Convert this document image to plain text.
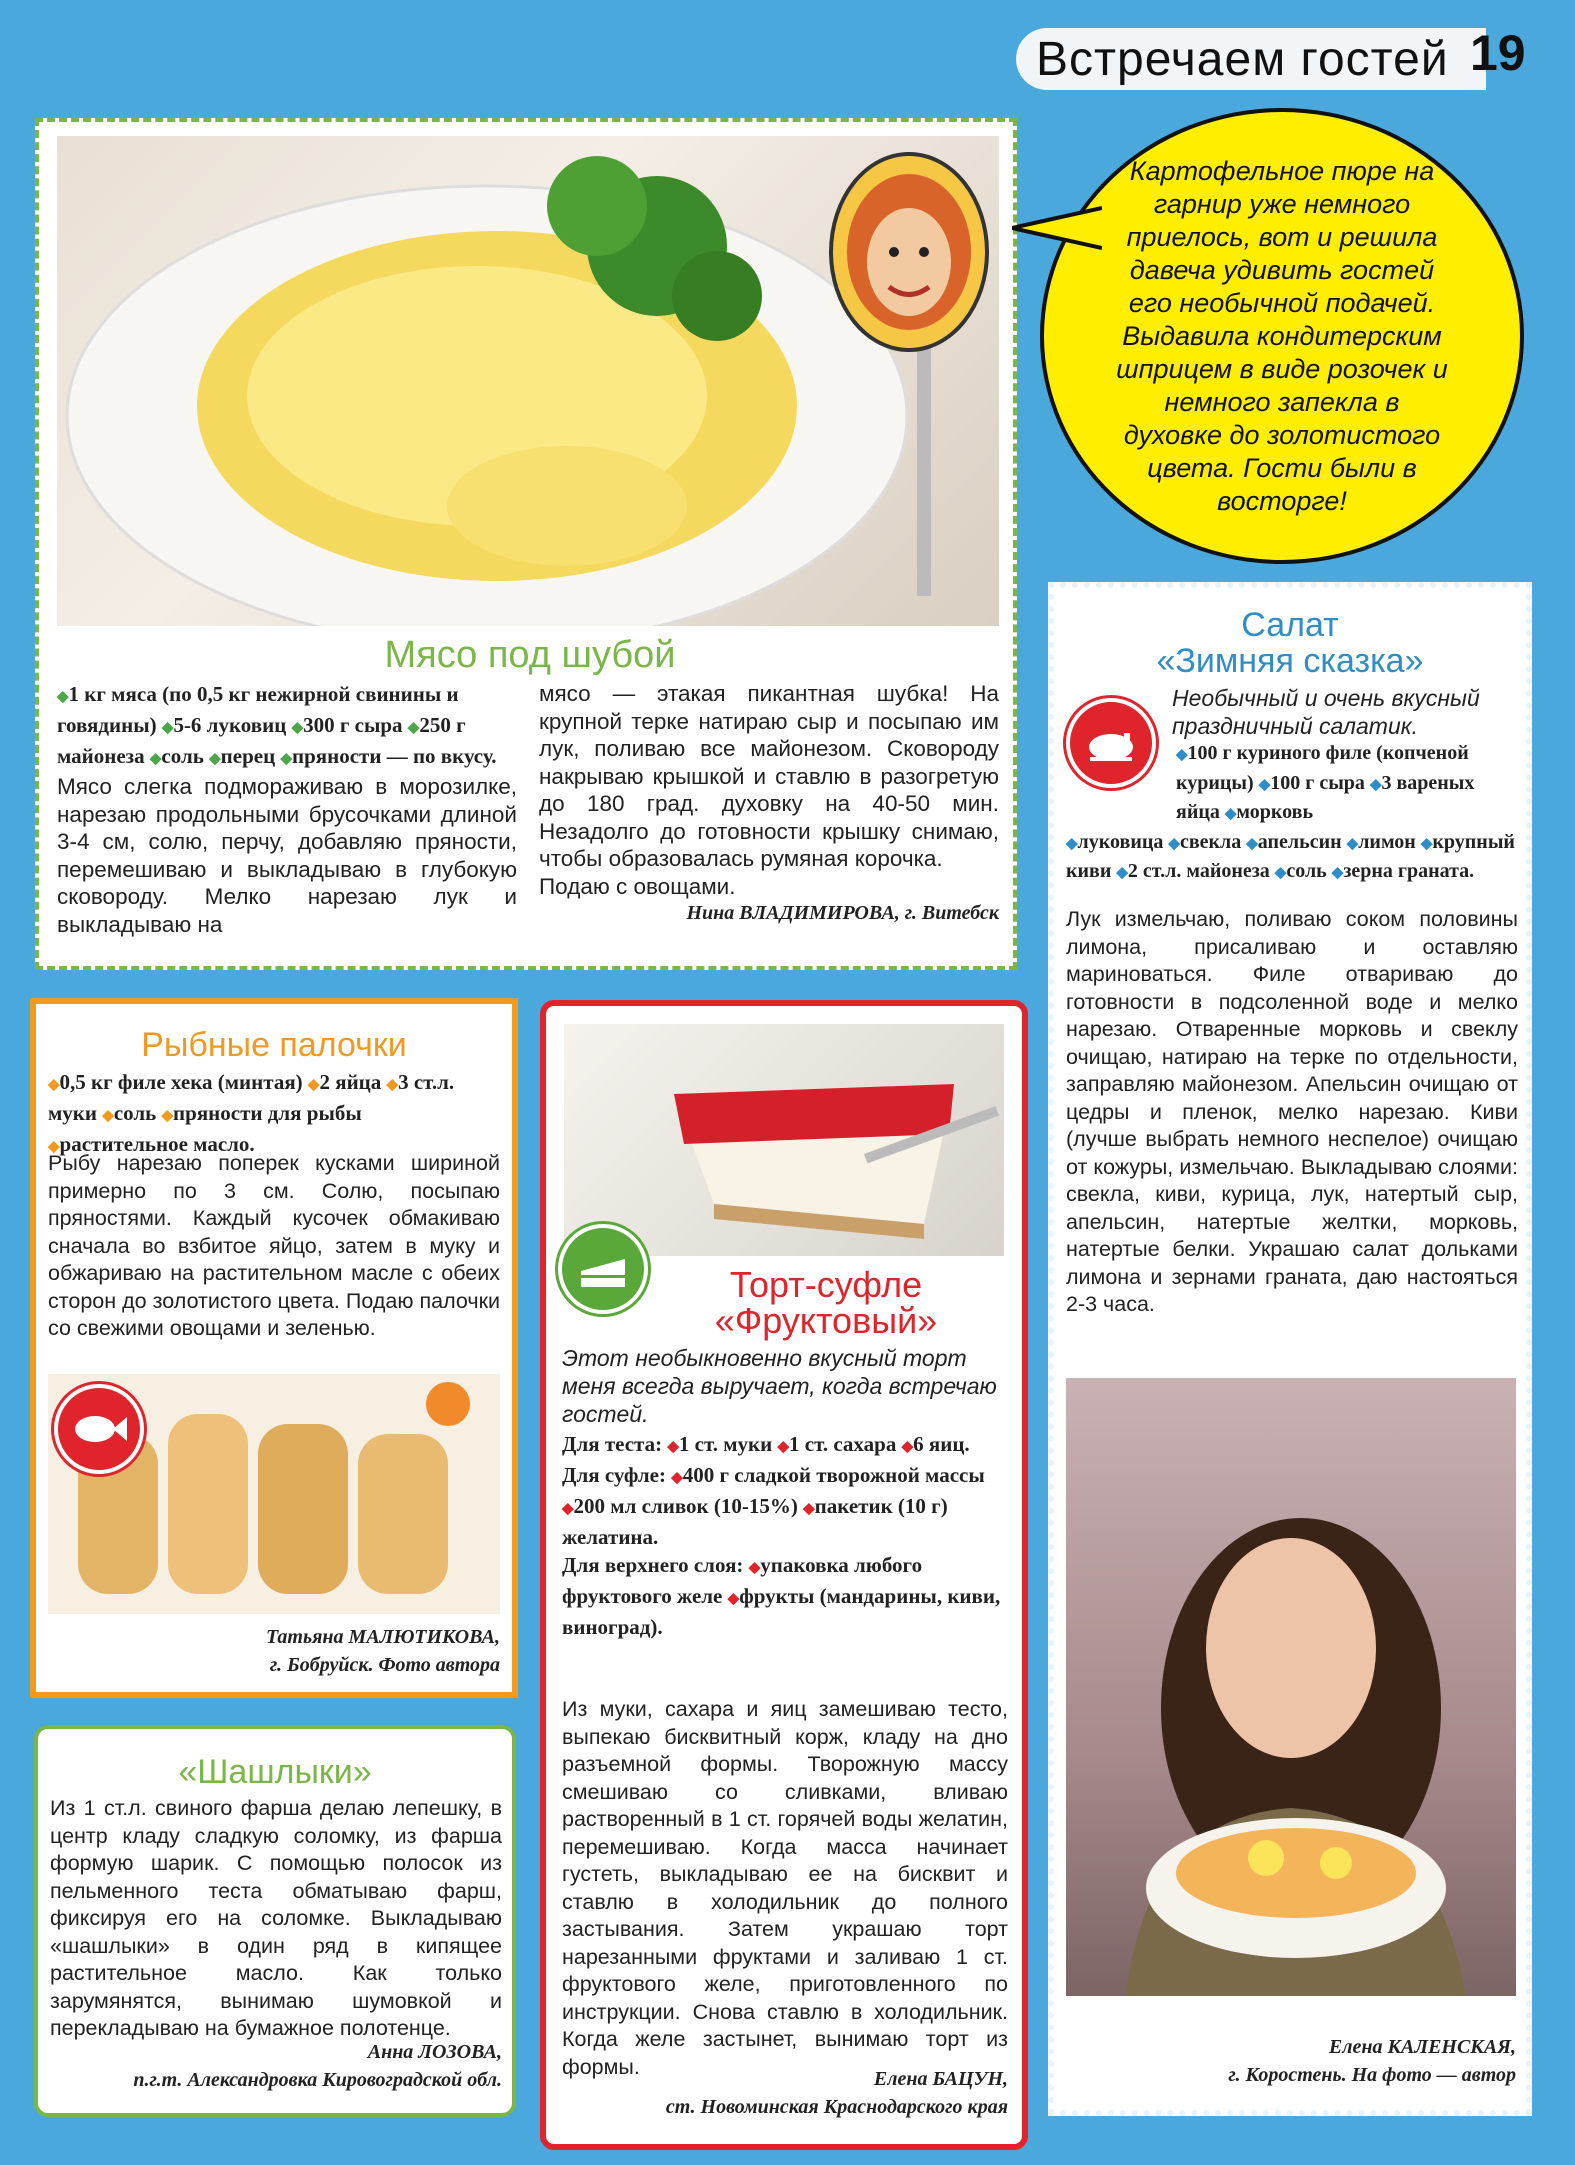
Встречаем гостей 19
Мясо под шубой
◆1 кг мяса (по 0,5 кг нежирной свинины и говядины) ◆5-6 луковиц ◆300 г сыра ◆250 г майонеза ◆соль ◆перец ◆пряности — по вкусу.

Мясо слегка подмораживаю в морозилке, нарезаю продольными брусочками длиной 3-4 см, солю, перчу, добавляю пряности, перемешиваю и выкладываю в глубокую сковороду. Мелко нарезаю лук и выкладываю на

мясо — этакая пикантная шубка! На крупной терке натираю сыр и посыпаю им лук, поливаю все майонезом. Сковороду накрываю крышкой и ставлю в разогретую до 180 град. духовку на 40-50 мин. Незадолго до готовности крышку снимаю, чтобы образовалась румяная корочка.

Подаю с овощами.

Нина ВЛАДИМИРОВА, г. Витебск

Картофельное пюре на гарнир уже немного приелось, вот и решила давеча удивить гостей его необычной подачей. Выдавила кондитерским шприцем в виде розочек и немного запекла в духовке до золотистого цвета. Гости были в восторге!

Салат
«Зимняя сказка»

Необычный и очень вкусный праздничный салатик.

◆100 г куриного филе (копченой курицы) ◆100 г сыра ◆3 вареных яйца ◆морковь
◆луковица ◆свекла ◆апельсин ◆лимон ◆крупный киви ◆2 ст.л. майонеза ◆соль ◆зерна граната.

Лук измельчаю, поливаю соком половины лимона, присаливаю и оставляю мариноваться. Филе отвариваю до готовности в подсоленной воде и мелко нарезаю. Отваренные морковь и свеклу очищаю, натираю на терке по отдельности, заправляю майонезом. Апельсин очищаю от цедры и пленок, мелко нарезаю. Киви (лучше выбрать немного неспелое) очищаю от кожуры, измельчаю. Выкладываю слоями: свекла, киви, курица, лук, натертый сыр, апельсин, натертые желтки, морковь, натертые белки. Украшаю салат дольками лимона и зернами граната, даю настояться 2-3 часа.

Елена КАЛЕНСКАЯ,
г. Коростень. На фото — автор
Рыбные палочки
◆0,5 кг филе хека (минтая) ◆2 яйца ◆3 ст.л. муки ◆соль ◆пряности для рыбы ◆растительное масло.

Рыбу нарезаю поперек кусками шириной примерно по 3 см. Солю, посыпаю пряностями. Каждый кусочек обмакиваю сначала во взбитое яйцо, затем в муку и обжариваю на растительном масле с обеих сторон до золотистого цвета. Подаю палочки со свежими овощами и зеленью.

Татьяна МАЛЮТИКОВА,
г. Бобруйск. Фото автора
«Шашлыки»

Из 1 ст.л. свиного фарша делаю лепешку, в центр кладу сладкую соломку, из фарша формую шарик. С помощью полосок из пельменного теста обматываю фарш, фиксируя его на соломке. Выкладываю «шашлыки» в один ряд в кипящее растительное масло. Как только зарумянятся, вынимаю шумовкой и перекладываю на бумажное полотенце.

Анна ЛОЗОВА,
п.г.т. Александровка Кировоградской обл.
Торт-суфле
«Фруктовый»

Этот необыкновенно вкусный торт меня всегда выручает, когда встречаю гостей.

Для теста: ◆1 ст. муки ◆1 ст. сахара ◆6 яиц.
Для суфле: ◆400 г сладкой творожной массы ◆200 мл сливок (10-15%) ◆пакетик (10 г) желатина.
Для верхнего слоя: ◆упаковка любого фруктового желе ◆фрукты (мандарины, киви, виноград).

Из муки, сахара и яиц замешиваю тесто, выпекаю бисквитный корж, кладу на дно разъемной формы. Творожную массу смешиваю со сливками, вливаю растворенный в 1 ст. горячей воды желатин, перемешиваю. Когда масса начинает густеть, выкладываю ее на бисквит и ставлю в холодильник до полного застывания. Затем украшаю торт нарезанными фруктами и заливаю 1 ст. фруктового желе, приготовленного по инструкции. Снова ставлю в холодильник. Когда желе застынет, вынимаю торт из формы.

Елена БАЦУН,
ст. Новоминская Краснодарского края
